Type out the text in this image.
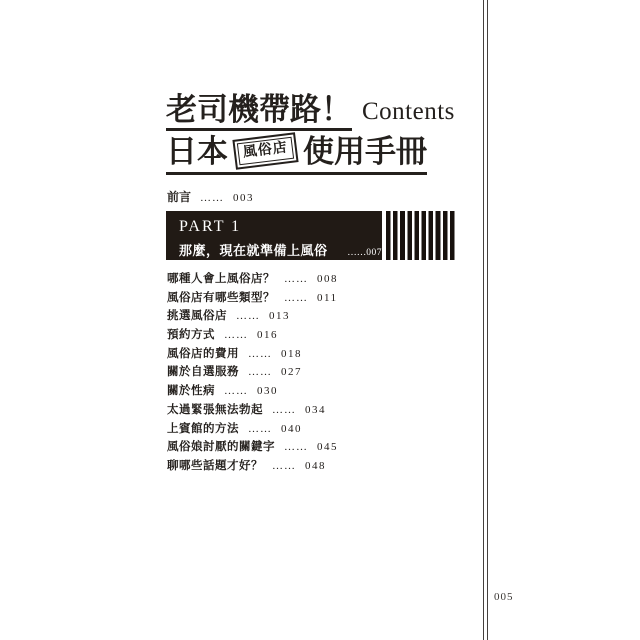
老司機帶路！ Contents
日本	風俗店 使用手冊
前言 …… 003
PART 1
那麼，現在就準備上風俗店吧！
…… 007
哪種人會上風俗店？ …… 008
風俗店有哪些類型？ …… 011
挑選風俗店 …… 013
預約方式 …… 016
風俗店的費用 …… 018
關於自選服務 …… 027
關於性病 …… 030
太過緊張無法勃起 …… 034
上賓館的方法 …… 040
風俗娘討厭的關鍵字 …… 045
聊哪些話題才好？ …… 048
005
